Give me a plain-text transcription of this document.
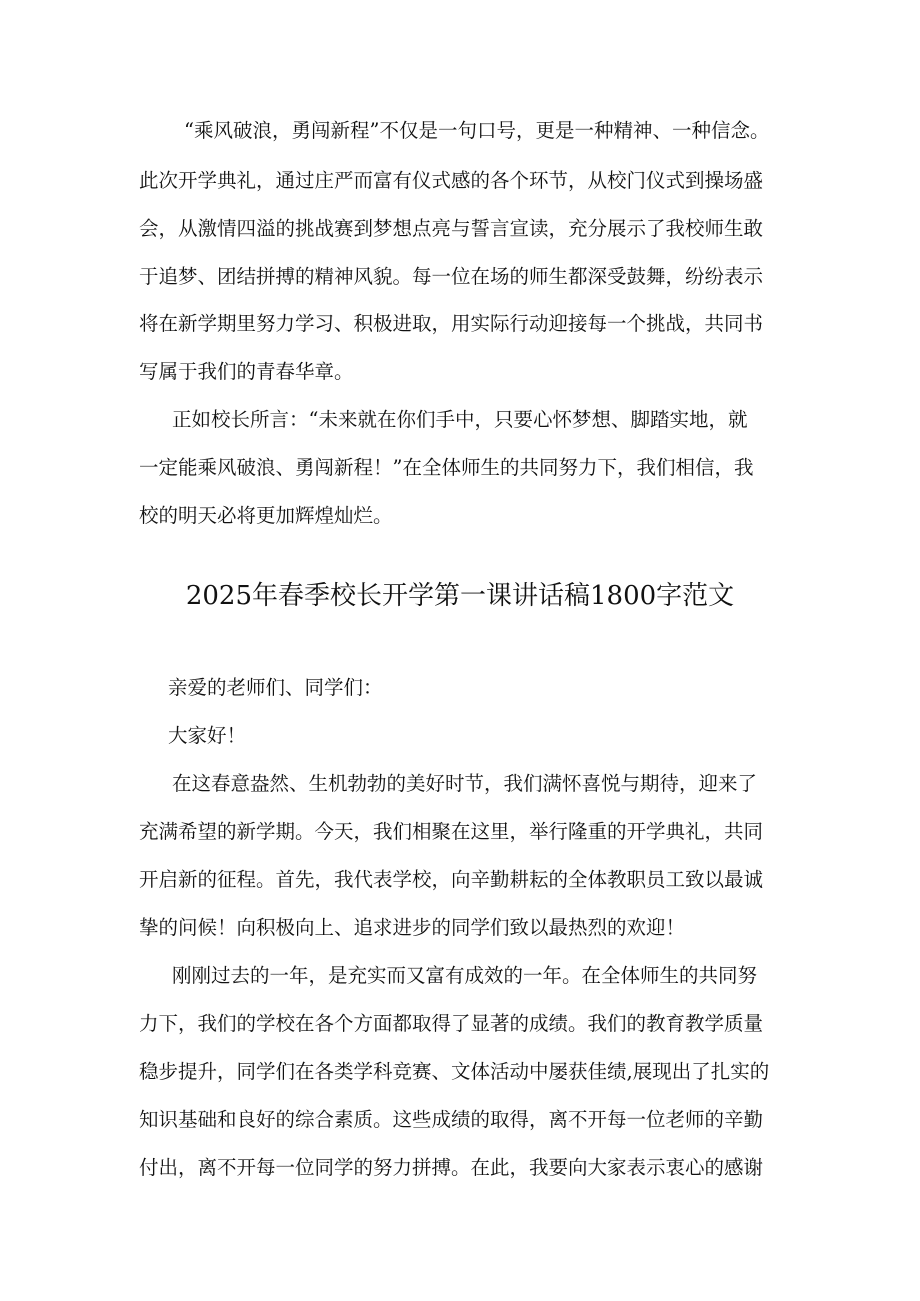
“乘风破浪，勇闯新程”不仅是一句口号，更是一种精神、一种信念。
此次开学典礼，通过庄严而富有仪式感的各个环节，从校门仪式到操场盛
会，从激情四溢的挑战赛到梦想点亮与誓言宣读，充分展示了我校师生敢
于追梦、团结拼搏的精神风貌。每一位在场的师生都深受鼓舞，纷纷表示
将在新学期里努力学习、积极进取，用实际行动迎接每一个挑战，共同书
写属于我们的青春华章。
正如校长所言：“未来就在你们手中，只要心怀梦想、脚踏实地，就
一定能乘风破浪、勇闯新程！”在全体师生的共同努力下，我们相信，我
校的明天必将更加辉煌灿烂。
2025年春季校长开学第一课讲话稿1800字范文
亲爱的老师们、同学们：
大家好！
在这春意盎然、生机勃勃的美好时节，我们满怀喜悦与期待，迎来了
充满希望的新学期。今天，我们相聚在这里，举行隆重的开学典礼，共同
开启新的征程。首先，我代表学校，向辛勤耕耘的全体教职员工致以最诚
挚的问候！向积极向上、追求进步的同学们致以最热烈的欢迎！
刚刚过去的一年，是充实而又富有成效的一年。在全体师生的共同努
力下，我们的学校在各个方面都取得了显著的成绩。我们的教育教学质量
稳步提升，同学们在各类学科竞赛、文体活动中屡获佳绩,展现出了扎实的
知识基础和良好的综合素质。这些成绩的取得，离不开每一位老师的辛勤
付出，离不开每一位同学的努力拼搏。在此，我要向大家表示衷心的感谢
